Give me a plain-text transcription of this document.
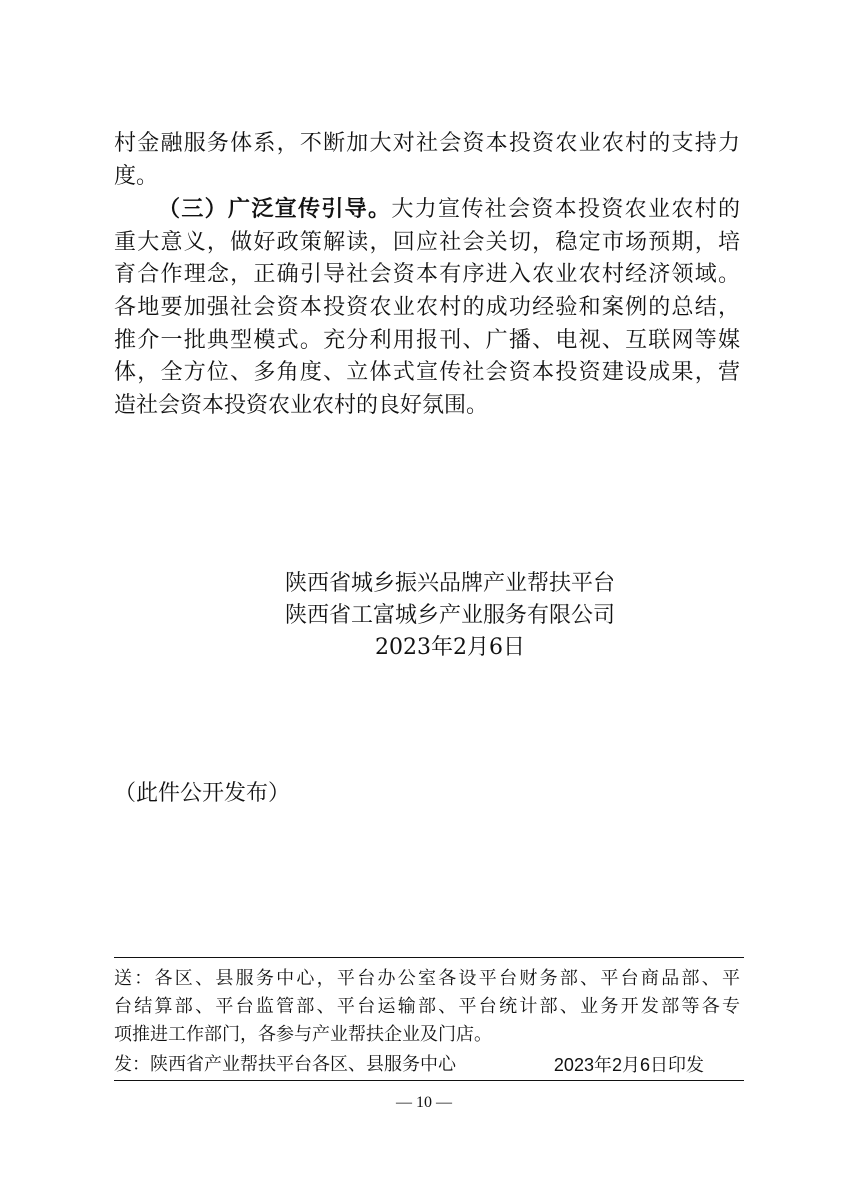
村金融服务体系，不断加大对社会资本投资农业农村的支持力
度。
（三）广泛宣传引导。大力宣传社会资本投资农业农村的
重大意义，做好政策解读，回应社会关切，稳定市场预期，培
育合作理念，正确引导社会资本有序进入农业农村经济领域。
各地要加强社会资本投资农业农村的成功经验和案例的总结，
推介一批典型模式。充分利用报刊、广播、电视、互联网等媒
体，全方位、多角度、立体式宣传社会资本投资建设成果，营
造社会资本投资农业农村的良好氛围。
陕西省城乡振兴品牌产业帮扶平台
陕西省工富城乡产业服务有限公司
2023年2月6日
（此件公开发布）
送：各区、县服务中心，平台办公室各设平台财务部、平台商品部、平
台结算部、平台监管部、平台运输部、平台统计部、业务开发部等各专
项推进工作部门，各参与产业帮扶企业及门店。
发：陕西省产业帮扶平台各区、县服务中心	2023年2月6日印发
— 10 —
